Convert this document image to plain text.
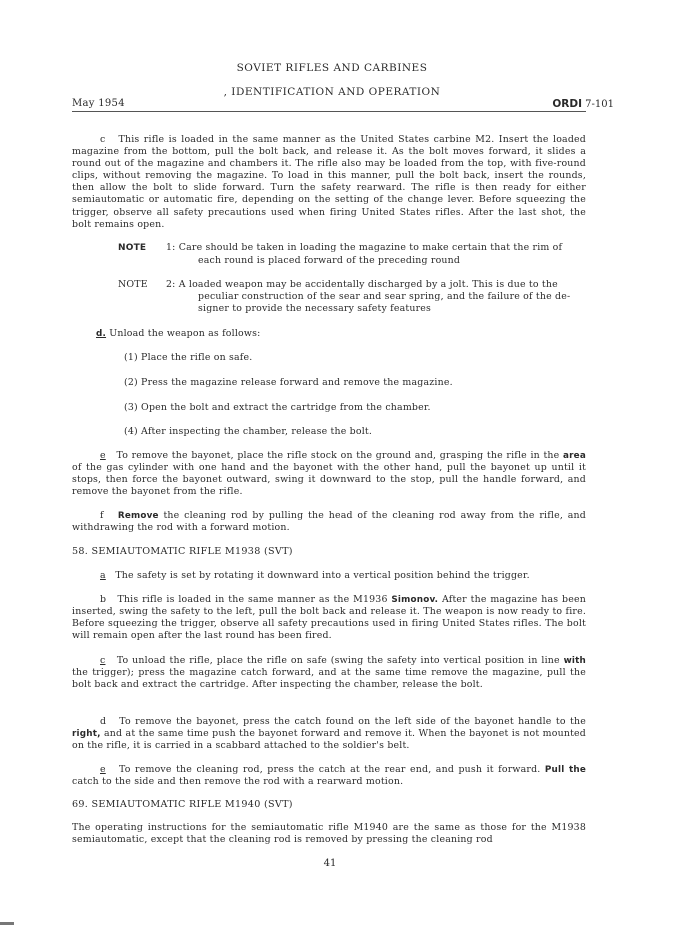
SOVIET RIFLES AND CARBINES
, IDENTIFICATION AND OPERATION
May 1954	ORDI 7-101
c This rifle is loaded in the same manner as the United States carbine M2. Insert the loaded magazine from the bottom, pull the bolt back, and release it. As the bolt moves forward, it slides a round out of the magazine and chambers it. The rifle also may be loaded from the top, with five-round clips, without removing the magazine. To load in this manner, pull the bolt back, insert the rounds, then allow the bolt to slide forward. Turn the safety rearward. The rifle is then ready for either semiautomatic or automatic fire, depending on the setting of the change lever. Before squeezing the trigger, observe all safety precautions used when firing United States rifles. After the last shot, the bolt remains open.
NOTE 1: Care should be taken in loading the magazine to make certain that the rim of
each round is placed forward of the preceding round
NOTE 2: A loaded weapon may be accidentally discharged by a jolt. This is due to the
peculiar construction of the sear and sear spring, and the failure of the de-
signer to provide the necessary safety features
d. Unload the weapon as follows:
(1) Place the rifle on safe.
(2) Press the magazine release forward and remove the magazine.
(3) Open the bolt and extract the cartridge from the chamber.
(4) After inspecting the chamber, release the bolt.
e To remove the bayonet, place the rifle stock on the ground and, grasping the rifle in the area of the gas cylinder with one hand and the bayonet with the other hand, pull the bayonet up until it stops, then force the bayonet outward, swing it downward to the stop, pull the handle forward, and remove the bayonet from the rifle.
f Remove the cleaning rod by pulling the head of the cleaning rod away from the rifle, and withdrawing the rod with a forward motion.
58. SEMIAUTOMATIC RIFLE M1938 (SVT)
a The safety is set by rotating it downward into a vertical position behind the trigger.
b This rifle is loaded in the same manner as the M1936 Simonov. After the magazine has been inserted, swing the safety to the left, pull the bolt back and release it. The weapon is now ready to fire. Before squeezing the trigger, observe all safety precautions used in firing United States rifles. The bolt will remain open after the last round has been fired.
c To unload the rifle, place the rifle on safe (swing the safety into vertical position in line with the trigger); press the magazine catch forward, and at the same time remove the magazine, pull the bolt back and extract the cartridge. After inspecting the chamber, release the bolt.
d To remove the bayonet, press the catch found on the left side of the bayonet handle to the right, and at the same time push the bayonet forward and remove it. When the bayonet is not mounted on the rifle, it is carried in a scabbard attached to the soldier's belt.
e To remove the cleaning rod, press the catch at the rear end, and push it forward. Pull the catch to the side and then remove the rod with a rearward motion.
69. SEMIAUTOMATIC RIFLE M1940 (SVT)
The operating instructions for the semiautomatic rifle M1940 are the same as those for the M1938 semiautomatic, except that the cleaning rod is removed by pressing the cleaning rod
41
